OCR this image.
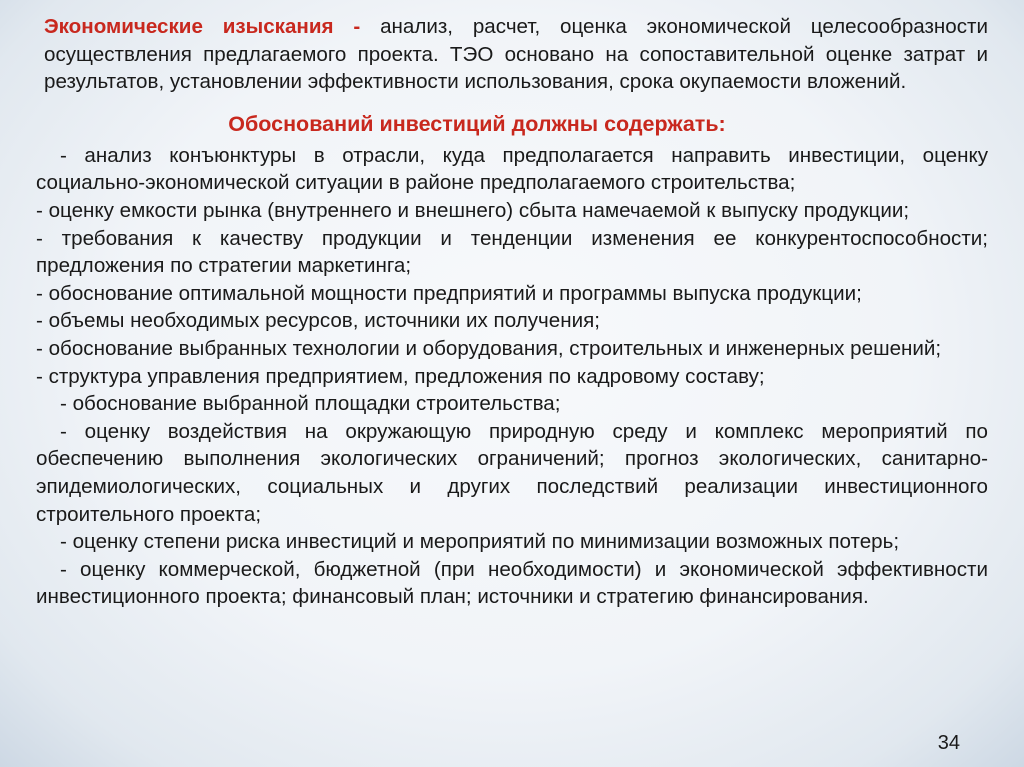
Экономические изыскания - анализ, расчет, оценка экономической целесообразности осуществления предлагаемого проекта. ТЭО основано на сопоставительной оценке затрат и результатов, установлении эффективности использования, срока окупаемости вложений.

Обоснований инвестиций должны содержать:
- анализ конъюнктуры в отрасли, куда предполагается направить инвестиции, оценку социально-экономической ситуации в районе предполагаемого строительства;
- оценку емкости рынка (внутреннего и внешнего) сбыта намечаемой к выпуску продукции;
- требования к качеству продукции и тенденции изменения ее конкурентоспособности; предложения по стратегии маркетинга;
- обоснование оптимальной мощности предприятий и программы выпуска продукции;
- объемы необходимых ресурсов, источники их получения;
- обоснование выбранных технологии и оборудования, строительных и инженерных решений;
- структура управления предприятием, предложения по кадровому составу;
- обоснование выбранной площадки строительства;
- оценку воздействия на окружающую природную среду и комплекс мероприятий по обеспечению выполнения экологических ограничений; прогноз экологических, санитарно-эпидемиологических, социальных и других последствий реализации инвестиционного строительного проекта;
- оценку степени риска инвестиций и мероприятий по минимизации возможных потерь;
- оценку коммерческой, бюджетной (при необходимости) и экономической эффективности инвестиционного проекта; финансовый план; источники и стратегию финансирования.
34
